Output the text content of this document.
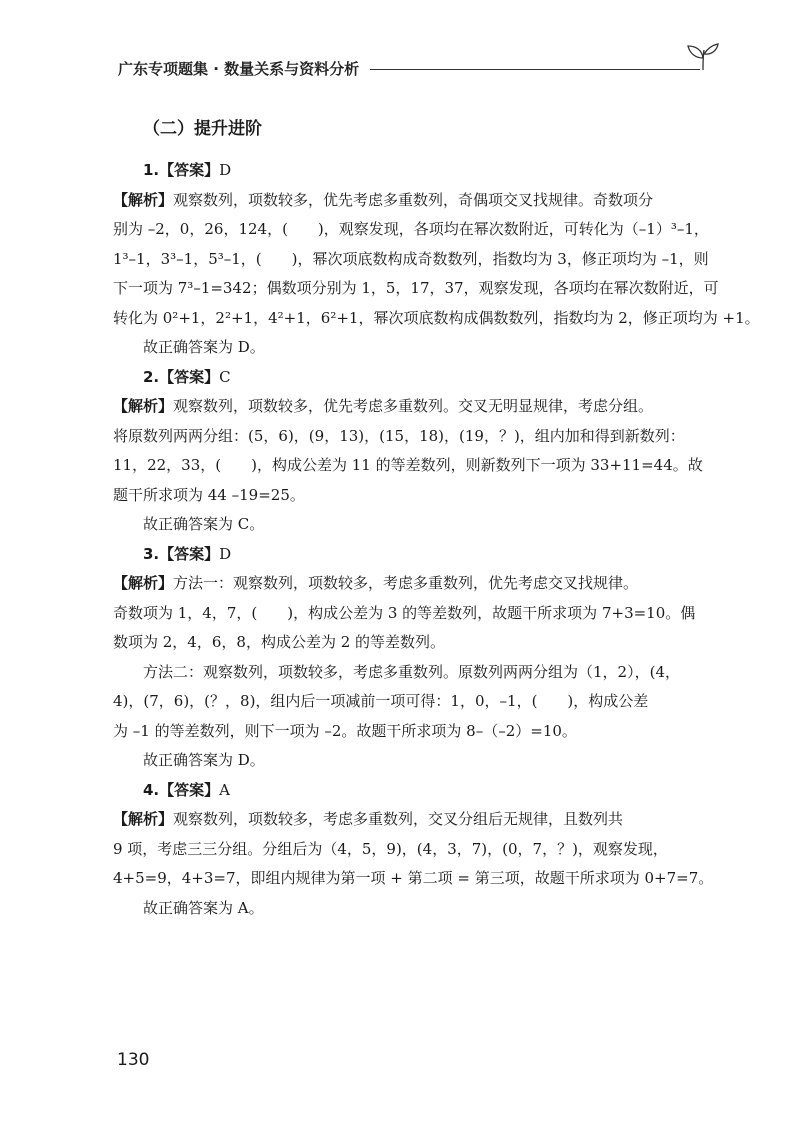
广东专项题集 · 数量关系与资料分析
（二）提升进阶
1.【答案】D
【解析】观察数列，项数较多，优先考虑多重数列，奇偶项交叉找规律。奇数项分
别为 –2，0，26，124，(　　)，观察发现，各项均在幂次数附近，可转化为（–1）³–1，
1³–1，3³–1，5³–1，(　　)，幂次项底数构成奇数数列，指数均为 3，修正项均为 –1，则
下一项为 7³–1=342；偶数项分别为 1，5，17，37，观察发现，各项均在幂次数附近，可
转化为 0²+1，2²+1，4²+1，6²+1，幂次项底数构成偶数数列，指数均为 2，修正项均为 +1。
故正确答案为 D。
2.【答案】C
【解析】观察数列，项数较多，优先考虑多重数列。交叉无明显规律，考虑分组。
将原数列两两分组：(5，6)，(9，13)，(15，18)，(19，？)，组内加和得到新数列：
11，22，33，(　　)，构成公差为 11 的等差数列，则新数列下一项为 33+11=44。故
题干所求项为 44 –19=25。
故正确答案为 C。
3.【答案】D
【解析】方法一：观察数列，项数较多，考虑多重数列，优先考虑交叉找规律。
奇数项为 1，4，7，(　　)，构成公差为 3 的等差数列，故题干所求项为 7+3=10。偶
数项为 2，4，6，8，构成公差为 2 的等差数列。
方法二：观察数列，项数较多，考虑多重数列。原数列两两分组为（1，2），(4，
4)，(7，6)，(？，8)，组内后一项减前一项可得：1，0，–1，(　　)，构成公差
为 –1 的等差数列，则下一项为 –2。故题干所求项为 8–（–2）=10。
故正确答案为 D。
4.【答案】A
【解析】观察数列，项数较多，考虑多重数列，交叉分组后无规律，且数列共
9 项，考虑三三分组。分组后为（4，5，9)，(4，3，7)，(0，7，？)，观察发现，
4+5=9，4+3=7，即组内规律为第一项 + 第二项 = 第三项，故题干所求项为 0+7=7。
故正确答案为 A。
130
